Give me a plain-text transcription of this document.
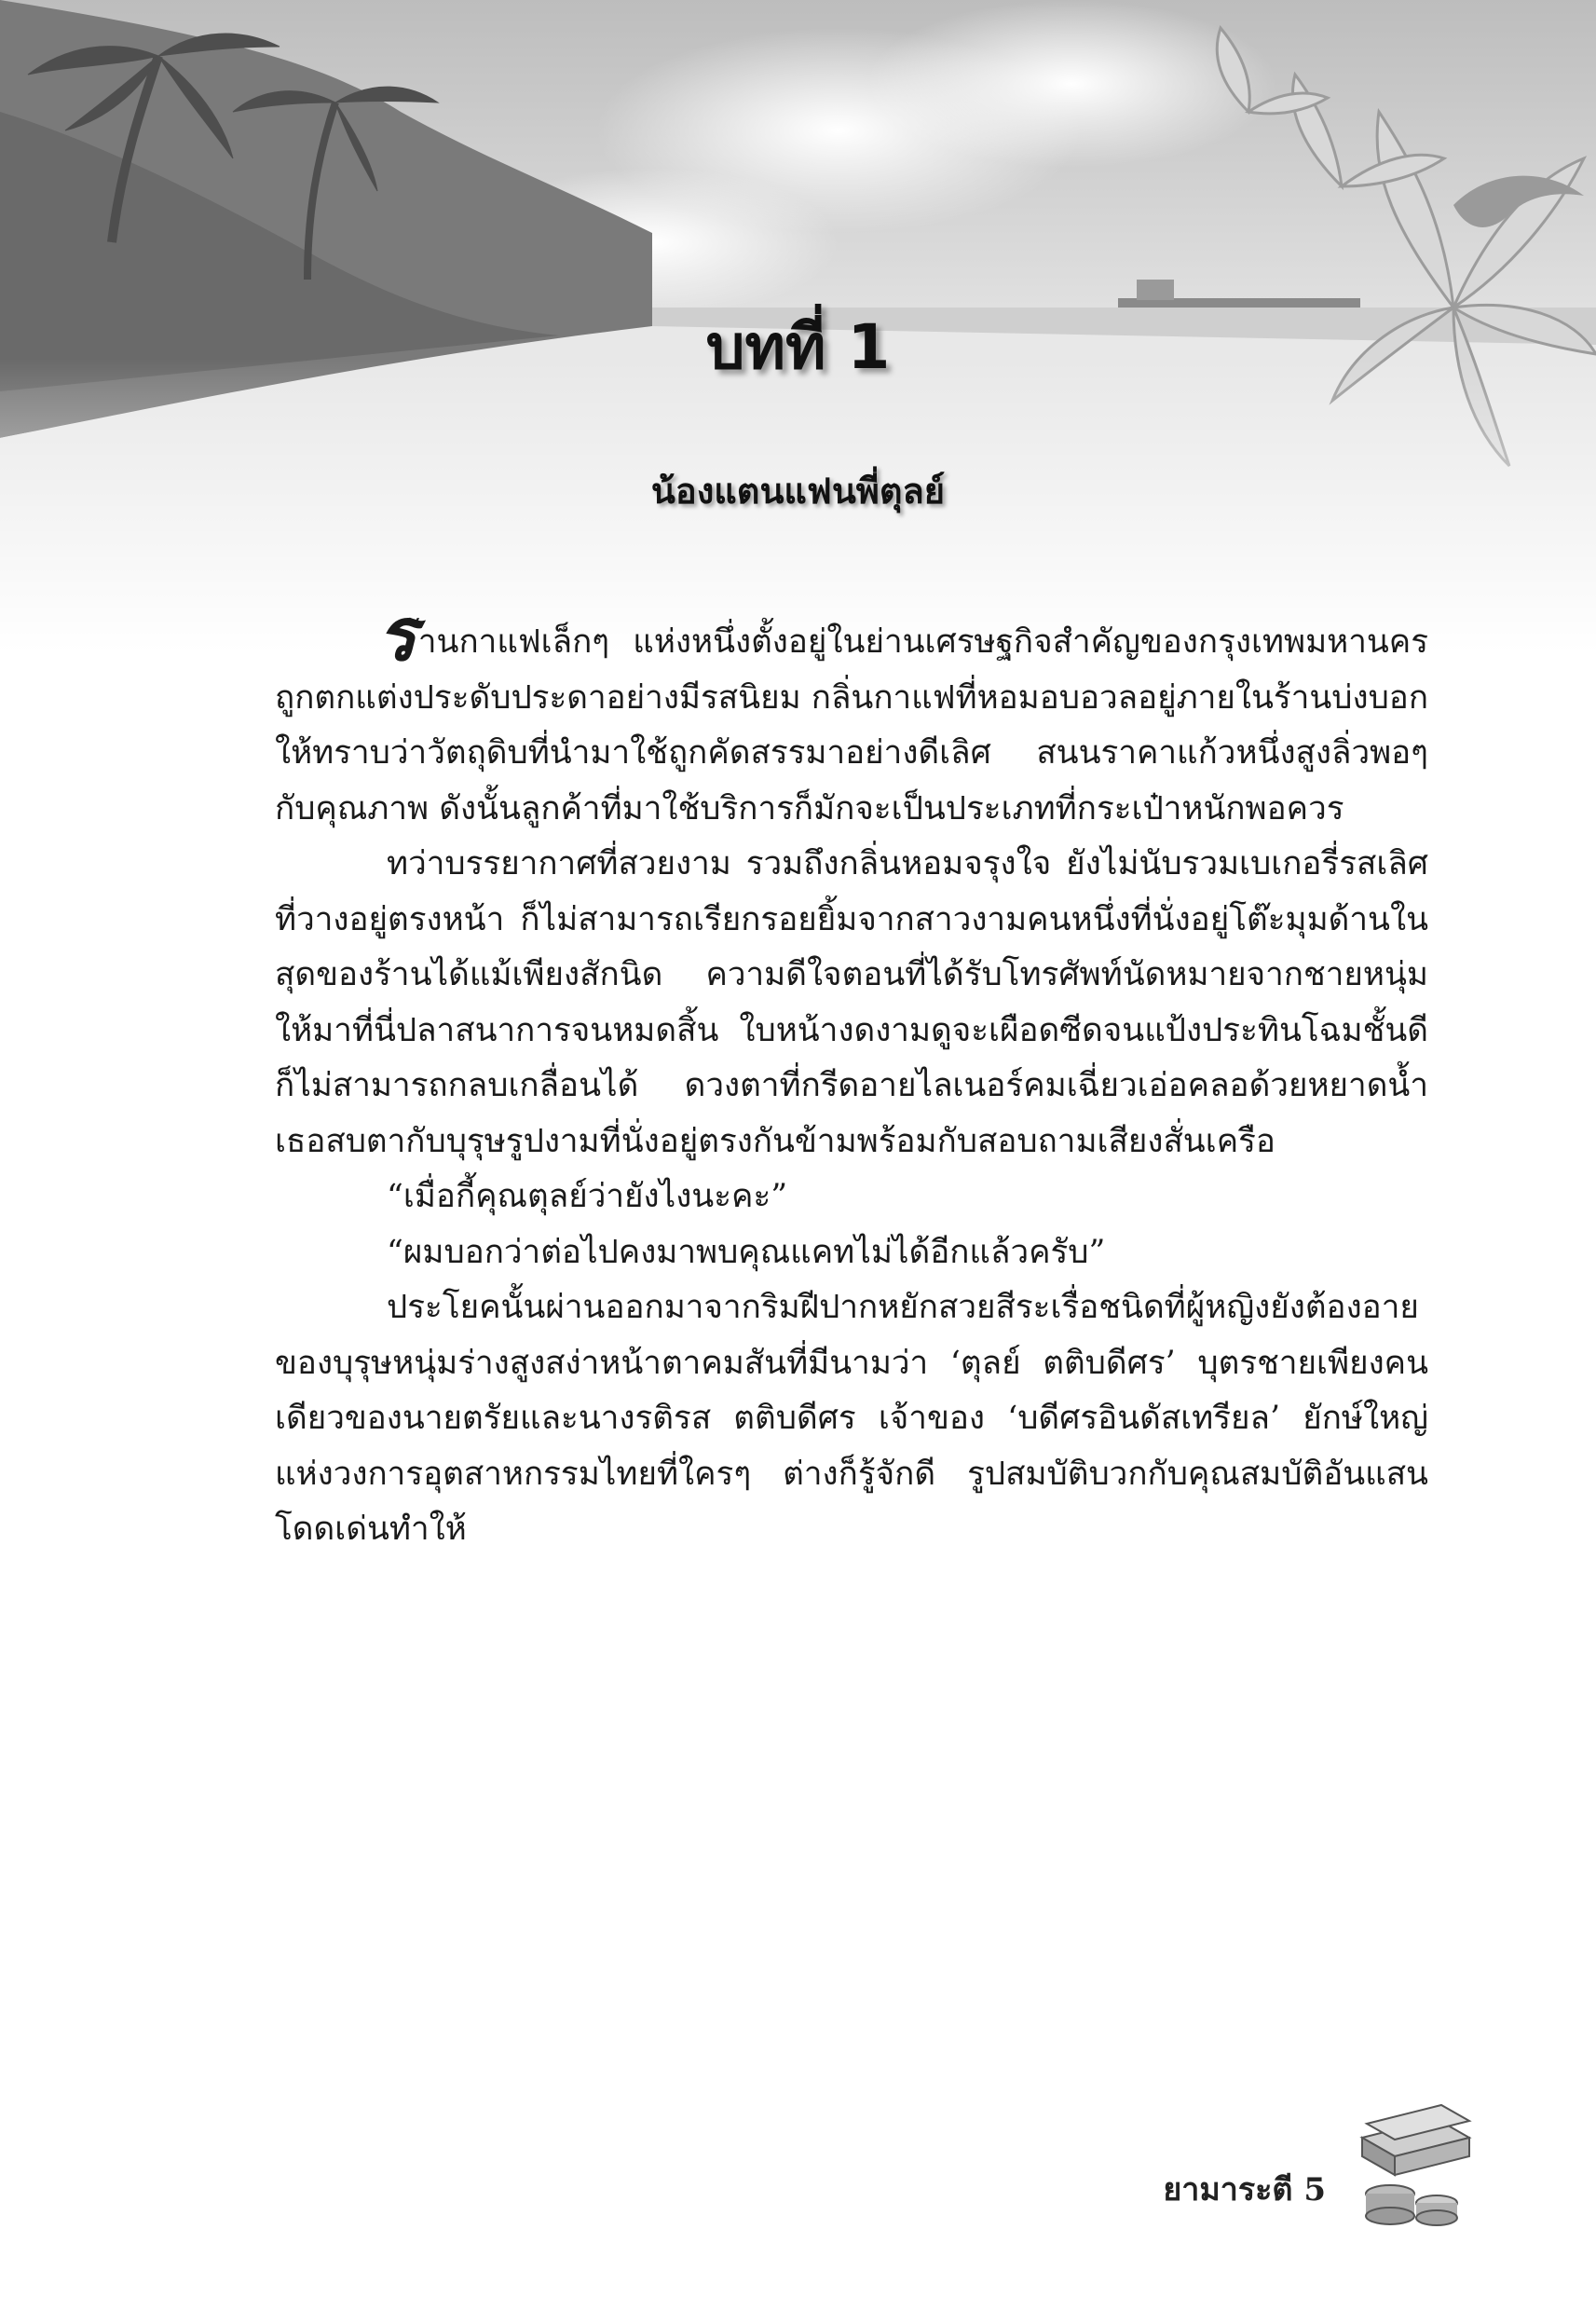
บทที่ 1
น้องแตนแฟนพี่ตุลย์

ร้านกาแฟเล็กๆ แห่งหนึ่งตั้งอยู่ในย่านเศรษฐกิจสำคัญของกรุงเทพมหานครถูกตกแต่งประดับประดาอย่างมีรสนิยม กลิ่นกาแฟที่หอมอบอวลอยู่ภายในร้านบ่งบอกให้ทราบว่าวัตถุดิบที่นำมาใช้ถูกคัดสรรมาอย่างดีเลิศ สนนราคาแก้วหนึ่งสูงลิ่วพอๆ กับคุณภาพ ดังนั้นลูกค้าที่มาใช้บริการก็มักจะเป็นประเภทที่กระเป๋าหนักพอควร

ทว่าบรรยากาศที่สวยงาม รวมถึงกลิ่นหอมจรุงใจ ยังไม่นับรวมเบเกอรี่รสเลิศที่วางอยู่ตรงหน้า ก็ไม่สามารถเรียกรอยยิ้มจากสาวงามคนหนึ่งที่นั่งอยู่โต๊ะมุมด้านในสุดของร้านได้แม้เพียงสักนิด ความดีใจตอนที่ได้รับโทรศัพท์นัดหมายจากชายหนุ่มให้มาที่นี่ปลาสนาการจนหมดสิ้น ใบหน้างดงามดูจะเผือดซีดจนแป้งประทินโฉมชั้นดีก็ไม่สามารถกลบเกลื่อนได้ ดวงตาที่กรีดอายไลเนอร์คมเฉี่ยวเอ่อคลอด้วยหยาดน้ำเธอสบตากับบุรุษรูปงามที่นั่งอยู่ตรงกันข้ามพร้อมกับสอบถามเสียงสั่นเครือ

“เมื่อกี้คุณตุลย์ว่ายังไงนะคะ”

“ผมบอกว่าต่อไปคงมาพบคุณแคทไม่ได้อีกแล้วครับ”

ประโยคนั้นผ่านออกมาจากริมฝีปากหยักสวยสีระเรื่อชนิดที่ผู้หญิงยังต้องอายของบุรุษหนุ่มร่างสูงสง่าหน้าตาคมสันที่มีนามว่า ‘ตุลย์ ตติบดีศร’ บุตรชายเพียงคนเดียวของนายตรัยและนางรติรส ตติบดีศร เจ้าของ ‘บดีศรอินดัสเทรียล’ ยักษ์ใหญ่แห่งวงการอุตสาหกรรมไทยที่ใครๆ ต่างก็รู้จักดี รูปสมบัติบวกกับคุณสมบัติอันแสนโดดเด่นทำให้

ยามาระตี 5
